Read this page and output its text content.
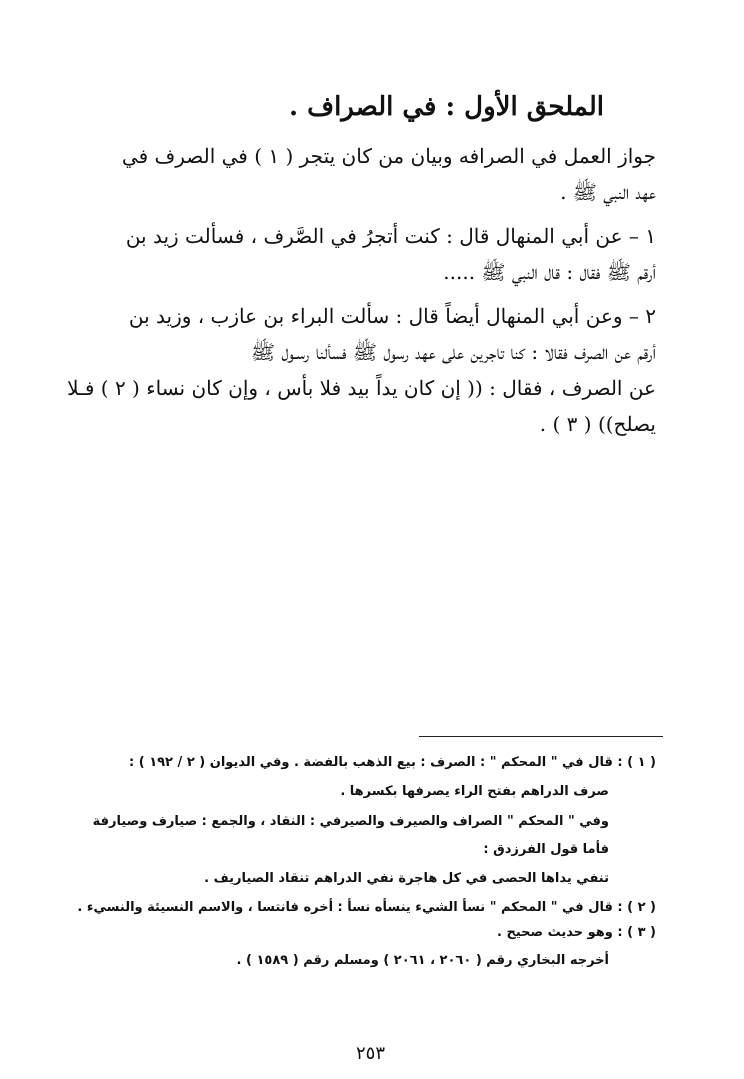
الملحق الأول : في الصراف .
جواز العمل في الصرافه وبيان من كان يتجر ( ١ ) في الصرف في
عهد النبي ﷺ .
١ – عن أبي المنهال قال : كنت أتجرُ في الصَّرف ، فسألت زيد بن
أرقم ﷺ فقال : قال النبي ﷺ .....
٢ – وعن أبي المنهال أيضاً قال : سألت البراء بن عازب ، وزيد بن
أرقم عن الصرف فقالا : كنا تاجرين على عهد رسول ﷺ فسألنا رسـول ﷺ
عن الصرف ، فقال : (( إن كان يداً بيد فلا بأس ، وإن كان نساء ( ٢ ) فـلا
يصلح)) ( ٣ ) .
( ١ ) : قال في " المحكم " : الصرف : بيع الذهب بالفضة . وفي الديوان ( ٢ / ١٩٢ ) :
صرف الدراهم بفتح الراء يصرفها بكسرها .
وفي " المحكم " الصراف والصيرف والصيرفي : النقاد ، والجمع : صيارف وصيارفة
فأما قول الفرزدق :
تنفي يداها الحصى في كل هاجرة نفي الدراهم تنقاد الصياريف .
( ٢ ) : قال في " المحكم " نسأ الشيء ينسأه نسأ : أخره فانتسا ، والاسم النسيئة والنسيء .
( ٣ ) : وهو حديث صحيح .
أخرجه البخاري رقم ( ٢٠٦٠ ، ٢٠٦١ ) ومسلم رقم ( ١٥٨٩ ) .
٢٥٣
